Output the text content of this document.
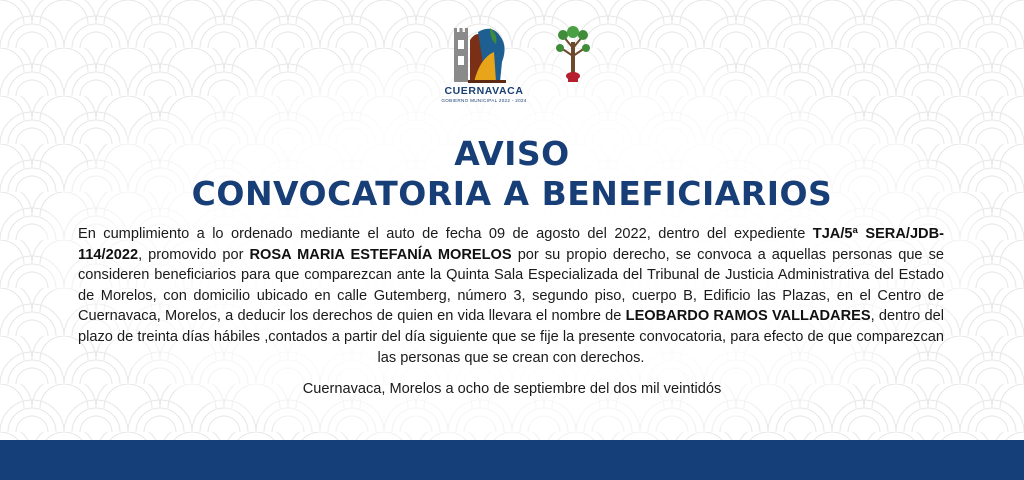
CUERNAVACA
GOBIERNO MUNICIPAL 2022 - 2024
AVISO
CONVOCATORIA A BENEFICIARIOS

En cumplimiento a lo ordenado mediante el auto de fecha 09 de agosto del 2022, dentro del expediente TJA/5ª SERA/JDB-114/2022, promovido por ROSA MARIA ESTEFANÍA MORELOS por su propio derecho, se convoca a aquellas personas que se consideren beneficiarios para que comparezcan ante la Quinta Sala Especializada del Tribunal de Justicia Administrativa del Estado de Morelos, con domicilio ubicado en calle Gutemberg, número 3, segundo piso, cuerpo B, Edificio las Plazas, en el Centro de Cuernavaca, Morelos, a deducir los derechos de quien en vida llevara el nombre de LEOBARDO RAMOS VALLADARES, dentro del plazo de treinta días hábiles ,contados a partir del día siguiente que se fije la presente convocatoria, para efecto de que comparezcan las personas que se crean con derechos.

Cuernavaca, Morelos a ocho de septiembre del dos mil veintidós
